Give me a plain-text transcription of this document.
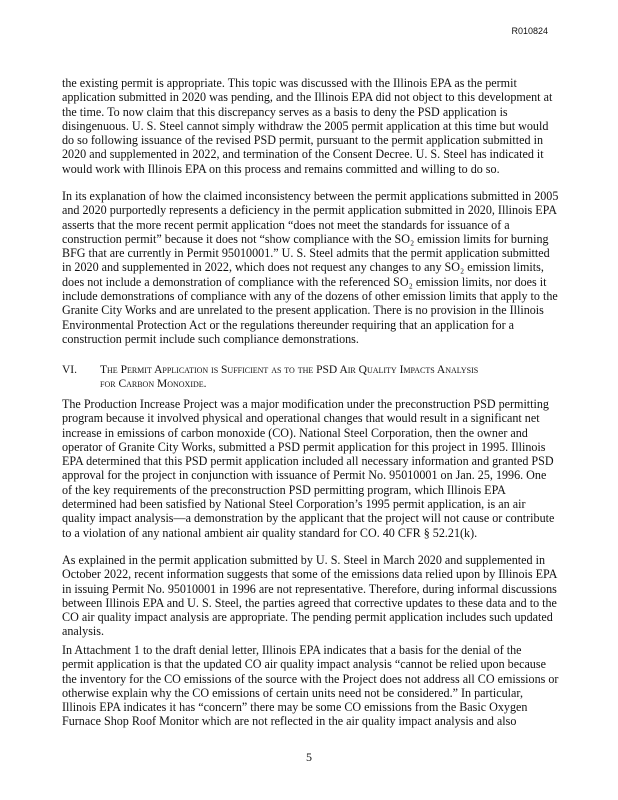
R010824
the existing permit is appropriate. This topic was discussed with the Illinois EPA as the permit
application submitted in 2020 was pending, and the Illinois EPA did not object to this development at
the time. To now claim that this discrepancy serves as a basis to deny the PSD application is
disingenuous. U. S. Steel cannot simply withdraw the 2005 permit application at this time but would
do so following issuance of the revised PSD permit, pursuant to the permit application submitted in
2020 and supplemented in 2022, and termination of the Consent Decree. U. S. Steel has indicated it
would work with Illinois EPA on this process and remains committed and willing to do so.
In its explanation of how the claimed inconsistency between the permit applications submitted in 2005
and 2020 purportedly represents a deficiency in the permit application submitted in 2020, Illinois EPA
asserts that the more recent permit application “does not meet the standards for issuance of a
construction permit” because it does not “show compliance with the SO₂ emission limits for burning
BFG that are currently in Permit 95010001.” U. S. Steel admits that the permit application submitted
in 2020 and supplemented in 2022, which does not request any changes to any SO₂ emission limits,
does not include a demonstration of compliance with the referenced SO₂ emission limits, nor does it
include demonstrations of compliance with any of the dozens of other emission limits that apply to the
Granite City Works and are unrelated to the present application. There is no provision in the Illinois
Environmental Protection Act or the regulations thereunder requiring that an application for a
construction permit include such compliance demonstrations.
VI. The Permit Application is Sufficient as to the PSD Air Quality Impacts Analysis
for Carbon Monoxide.
The Production Increase Project was a major modification under the preconstruction PSD permitting
program because it involved physical and operational changes that would result in a significant net
increase in emissions of carbon monoxide (CO). National Steel Corporation, then the owner and
operator of Granite City Works, submitted a PSD permit application for this project in 1995. Illinois
EPA determined that this PSD permit application included all necessary information and granted PSD
approval for the project in conjunction with issuance of Permit No. 95010001 on Jan. 25, 1996. One
of the key requirements of the preconstruction PSD permitting program, which Illinois EPA
determined had been satisfied by National Steel Corporation’s 1995 permit application, is an air
quality impact analysis—a demonstration by the applicant that the project will not cause or contribute
to a violation of any national ambient air quality standard for CO. 40 CFR § 52.21(k).
As explained in the permit application submitted by U. S. Steel in March 2020 and supplemented in
October 2022, recent information suggests that some of the emissions data relied upon by Illinois EPA
in issuing Permit No. 95010001 in 1996 are not representative. Therefore, during informal discussions
between Illinois EPA and U. S. Steel, the parties agreed that corrective updates to these data and to the
CO air quality impact analysis are appropriate. The pending permit application includes such updated
analysis.
In Attachment 1 to the draft denial letter, Illinois EPA indicates that a basis for the denial of the
permit application is that the updated CO air quality impact analysis “cannot be relied upon because
the inventory for the CO emissions of the source with the Project does not address all CO emissions or
otherwise explain why the CO emissions of certain units need not be considered.” In particular,
Illinois EPA indicates it has “concern” there may be some CO emissions from the Basic Oxygen
Furnace Shop Roof Monitor which are not reflected in the air quality impact analysis and also
5
